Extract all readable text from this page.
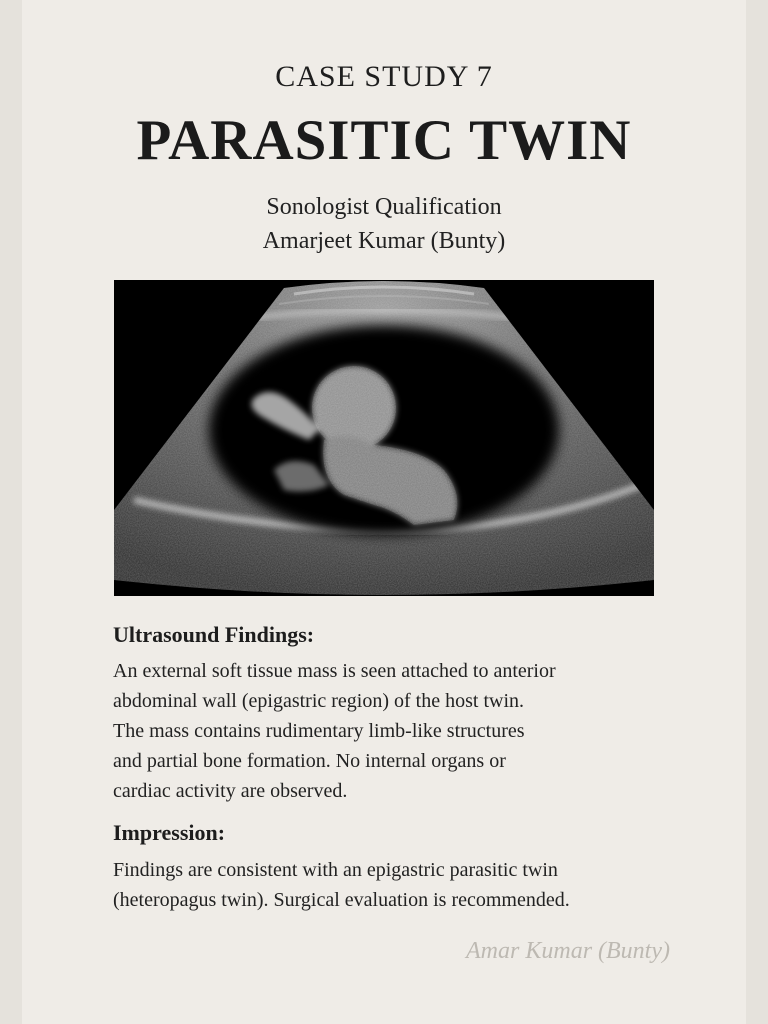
CASE STUDY 7
PARASITIC TWIN
Sonologist Qualification
Amarjeet Kumar (Bunty)
Ultrasound Findings:

An external soft tissue mass is seen attached to anterior
abdominal wall (epigastric region) of the host twin.
The mass contains rudimentary limb-like structures
and partial bone formation. No internal organs or
cardiac activity are observed.

Impression:

Findings are consistent with an epigastric parasitic twin
(heteropagus twin). Surgical evaluation is recommended.

Amar Kumar (Bunty)
